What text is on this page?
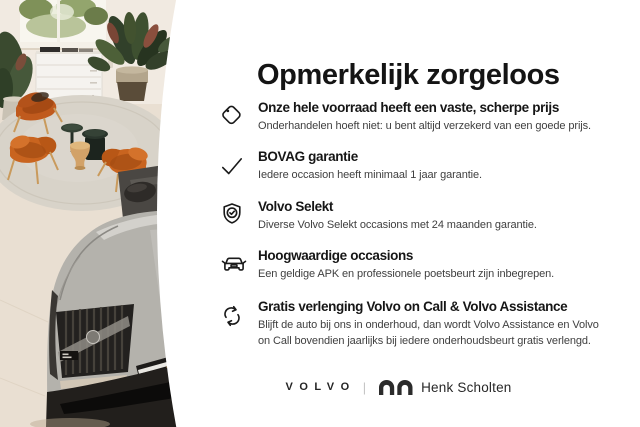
Opmerkelijk zorgeloos
Onze hele voorraad heeft een vaste, scherpe prijs

Onderhandelen hoeft niet: u bent altijd verzekerd van een goede prijs.

BOVAG garantie

Iedere occasion heeft minimaal 1 jaar garantie.

Volvo Selekt

Diverse Volvo Selekt occasions met 24 maanden garantie.

Hoogwaardige occasions

Een geldige APK en professionele poetsbeurt zijn inbegrepen.

Gratis verlenging Volvo on Call & Volvo Assistance

Blijft de auto bij ons in onderhoud, dan wordt Volvo Assistance en Volvo
on Call bovendien jaarlijks bij iedere onderhoudsbeurt gratis verlengd.

VOLVO |	Henk Scholten
